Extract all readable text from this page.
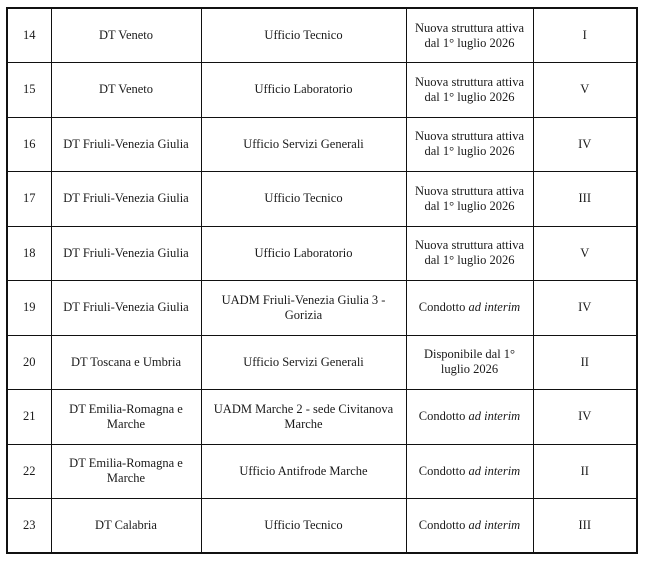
14	DT Veneto	Ufficio Tecnico	Nuova struttura attiva dal 1° luglio 2026	I
15	DT Veneto	Ufficio Laboratorio	Nuova struttura attiva dal 1° luglio 2026	V
16	DT Friuli-Venezia Giulia	Ufficio Servizi Generali	Nuova struttura attiva dal 1° luglio 2026	IV
17	DT Friuli-Venezia Giulia	Ufficio Tecnico	Nuova struttura attiva dal 1° luglio 2026	III
18	DT Friuli-Venezia Giulia	Ufficio Laboratorio	Nuova struttura attiva dal 1° luglio 2026	V
19	DT Friuli-Venezia Giulia	UADM Friuli-Venezia Giulia 3 - Gorizia	Condotto ad interim	IV
20	DT Toscana e Umbria	Ufficio Servizi Generali	Disponibile dal 1° luglio 2026	II
21	DT Emilia-Romagna e Marche	UADM Marche 2 - sede Civitanova Marche	Condotto ad interim	IV
22	DT Emilia-Romagna e Marche	Ufficio Antifrode Marche	Condotto ad interim	II
23	DT Calabria	Ufficio Tecnico	Condotto ad interim	III
